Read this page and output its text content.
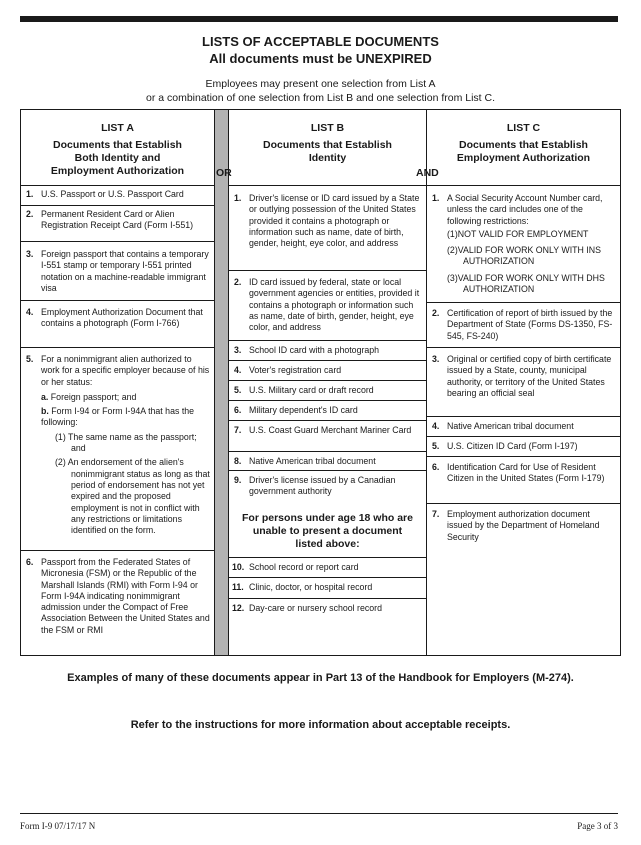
LISTS OF ACCEPTABLE DOCUMENTS
All documents must be UNEXPIRED
Employees may present one selection from List A
or a combination of one selection from List B and one selection from List C.
LIST A
Documents that Establish
Both Identity and
Employment Authorization
1. U.S. Passport or U.S. Passport Card
2. Permanent Resident Card or Alien Registration Receipt Card (Form I-551)
3. Foreign passport that contains a temporary I-551 stamp or temporary I-551 printed notation on a machine-readable immigrant visa
4. Employment Authorization Document that contains a photograph (Form I-766)
5. For a nonimmigrant alien authorized to work for a specific employer because of his or her status:
a. Foreign passport; and
b. Form I-94 or Form I-94A that has the following:
(1) The same name as the passport; and
(2) An endorsement of the alien's nonimmigrant status as long as that period of endorsement has not yet expired and the proposed employment is not in conflict with any restrictions or limitations identified on the form.
6. Passport from the Federated States of Micronesia (FSM) or the Republic of the Marshall Islands (RMI) with Form I-94 or Form I-94A indicating nonimmigrant admission under the Compact of Free Association Between the United States and the FSM or RMI
OR
LIST B
Documents that Establish
Identity
1. Driver's license or ID card issued by a State or outlying possession of the United States provided it contains a photograph or information such as name, date of birth, gender, height, eye color, and address
2. ID card issued by federal, state or local government agencies or entities, provided it contains a photograph or information such as name, date of birth, gender, height, eye color, and address
3. School ID card with a photograph
4. Voter's registration card
5. U.S. Military card or draft record
6. Military dependent's ID card
7. U.S. Coast Guard Merchant Mariner Card
8. Native American tribal document
9. Driver's license issued by a Canadian government authority
For persons under age 18 who are
unable to present a document
listed above:
10. School record or report card
11. Clinic, doctor, or hospital record
12. Day-care or nursery school record
AND
LIST C
Documents that Establish
Employment Authorization
1. A Social Security Account Number card, unless the card includes one of the following restrictions:
(1)NOT VALID FOR EMPLOYMENT
(2)VALID FOR WORK ONLY WITH INS AUTHORIZATION
(3)VALID FOR WORK ONLY WITH DHS AUTHORIZATION
2. Certification of report of birth issued by the Department of State (Forms DS-1350, FS-545, FS-240)
3. Original or certified copy of birth certificate issued by a State, county, municipal authority, or territory of the United States bearing an official seal
4. Native American tribal document
5. U.S. Citizen ID Card (Form I-197)
6. Identification Card for Use of Resident Citizen in the United States (Form I-179)
7. Employment authorization document issued by the Department of Homeland Security
Examples of many of these documents appear in Part 13 of the Handbook for Employers (M-274).
Refer to the instructions for more information about acceptable receipts.
Form I-9 07/17/17 N	Page 3 of 3
